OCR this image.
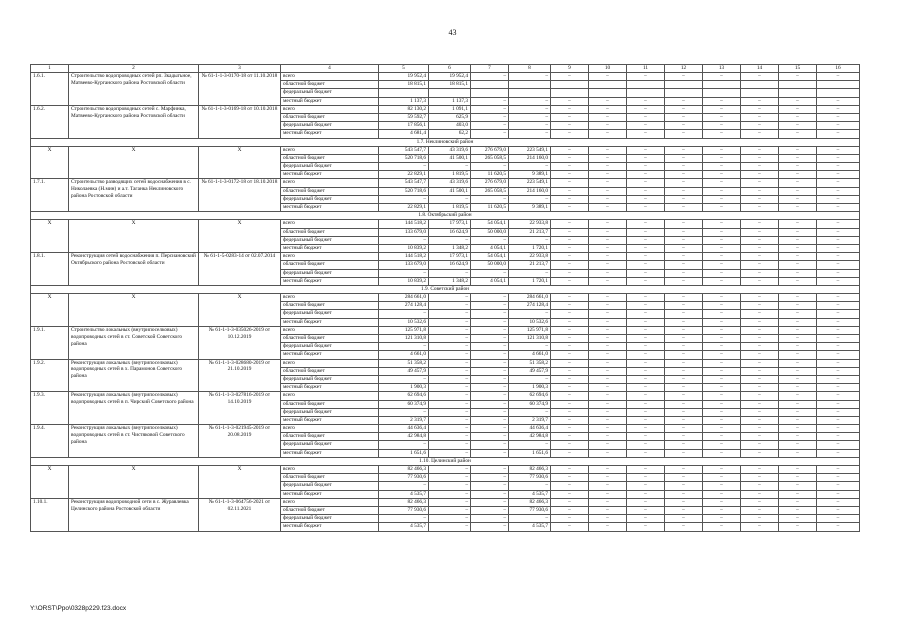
43
1	2	3	4	5	6	7	8	9	10	11	12	13	14	15	16
1.6.1.	Строительство водопроводных сетей рп. Зкадыгьное, Матвеево-Курганского района Ростовской области	№ 61-1-1-3-0170-18 от 11.10.2018	всего	19 952,4	19 952,4	–	–	–	–	–	–	–	–	–	–
			областной бюджет	18 815,1	18 815,1										
			федеральный бюджет												
			местный бюджет	1 137,3	1 137,3	–	–	–	–	–	–	–	–	–	–
1.6.2.	Строительство водопроводных сетей с. Марфинка, Матвеево-Курганского района Ростовской области	№ 61-1-1-3-0169-18 от 10.10.2018	всего	82 130,2	1 091,1	–	–	–	–	–	–	–	–	–	–
			областной бюджет	59 592,7	625,9	–	–	–	–	–	–	–	–	–	–
			федеральный бюджет	17 856,1	403,0	–	–	–	–	–	–	–	–	–	–
			местный бюджет	4 681,4	62,2	–	–	–	–	–	–	–	–	–	–
1.7. Неклиновский район															
Х	Х	Х	всего	543 547,7	43 319,6	276 679,0	223 549,1	–	–	–	–	–	–	–	–
			областной бюджет	520 718,6	41 500,1	265 058,5	214 160,0	–	–	–	–	–	–	–	–
			федеральный бюджет	–	–	–	–	–	–	–	–	–	–	–	–
			местный бюджет	22 829,1	1 819,5	11 620,5	9 389,1	–	–	–	–	–	–	–	–
1.7.1.	Строительство разводящих сетей водоснабжения в с. Николаевка (Н.мин) и а.т. Таганка Неклиновского района Ростовской области	№ 61-1-1-3-0172-18 от 18.10.2018	всего	543 547,7	43 319,6	276 679,0	223 549,1	–	–	–	–	–	–	–	–
			областной бюджет	520 718,6	41 500,1	265 058,5	214 160,0	–	–	–	–	–	–	–	–
			федеральный бюджет	–	–	–	–	–	–	–	–	–	–	–	–
			местный бюджет	22 829,1	1 819,5	11 620,5	9 389,1	–	–	–	–	–	–	–	–
1.8. Октябрьский район															
Х	Х	Х	всего	144 518,2	17 973,1	54 054,1	22 933,8	–	–	–	–	–	–	–	–
			областной бюджет	133 679,0	16 624,9	50 000,0	21 213,7	–	–	–	–	–	–	–	–
			федеральный бюджет	–	–	–	–	–	–	–	–	–	–	–	–
			местный бюджет	10 839,2	1 348,2	4 054,1	1 720,1	–	–	–	–	–	–	–	–
1.8.1.	Реконструкция сетей водоснабжения п. Персиановский Октябрьского района Ростовской области	№ 61-1-5-0283-14 от 02.07.2014	всего	144 518,2	17 973,1	54 054,1	22 933,8	–	–	–	–	–	–	–	–
			областной бюджет	133 679,0	16 624,9	50 000,0	21 213,7	–	–	–	–	–	–	–	–
			федеральный бюджет	–	–	–	–	–	–	–	–	–	–	–	–
			местный бюджет	10 839,2	1 348,2	4 054,1	1 720,1	–	–	–	–	–	–	–	–
1.9. Советский район															
Х	Х	Х	всего	284 661,0	–	–	284 661,0	–	–	–	–	–	–	–	–
			областной бюджет	274 128,4	–	–	274 128,4	–	–	–	–	–	–	–	–
			федеральный бюджет	–	–	–	–	–	–	–	–	–	–	–	–
			местный бюджет	10 532,6	–	–	10 532,6	–	–	–	–	–	–	–	–
1.9.1.	Строительство локальных (внутрипоселковых) водопроводных сетей в ст. Советской Советского района	№ 61-1-1-3-035026-2019 от 10.12.2019	всего	125 971,8	–	–	125 971,8	–	–	–	–	–	–	–	–
			областной бюджет	121 310,8	–	–	121 310,8	–	–	–	–	–	–	–	–
			федеральный бюджет	–	–	–	–	–	–	–	–	–	–	–	–
			местный бюджет	4 661,0	–	–	4 661,0	–	–	–	–	–	–	–	–
1.9.2.	Реконструкция локальных (внутрипоселковых) водопроводных сетей в х. Парамонов Советского района	№ 61-1-1-3-028680-2019 от 21.10.2019	всего	51 358,2	–	–	51 358,2	–	–	–	–	–	–	–	–
			областной бюджет	49 457,9	–	–	49 457,9	–	–	–	–	–	–	–	–
			федеральный бюджет	–	–	–	–	–	–	–	–	–	–	–	–
			местный бюджет	1 900,3	–	–	1 900,3	–	–	–	–	–	–	–	–
1.9.3.	Реконструкция локальных (внутрипоселковых) водопроводных сетей в п. Чирский Советского района	№ 61-1-1-3-027816-2019 от 14.10.2019	всего	62 694,6	–	–	62 694,6	–	–	–	–	–	–	–	–
			областной бюджет	60 374,9	–	–	60 374,9	–	–	–	–	–	–	–	–
			федеральный бюджет	–	–	–	–	–	–	–	–	–	–	–	–
			местный бюджет	2 319,7	–	–	2 319,7	–	–	–	–	–	–	–	–
1.9.4.	Реконструкция локальных (внутрипоселковых) водопроводных сетей в ст. Чистяковой Советского района	№ 61-1-1-3-021945-2019 от 20.08.2019	всего	44 636,4	–	–	44 636,4	–	–	–	–	–	–	–	–
			областной бюджет	42 984,8	–	–	42 984,8	–	–	–	–	–	–	–	–
			федеральный бюджет	–	–	–	–	–	–	–	–	–	–	–	–
			местный бюджет	1 651,6	–	–	1 651,6	–	–	–	–	–	–	–	–
1.10. Целинский район															
Х	Х	Х	всего	82 466,3	–	–	82 466,3	–	–	–	–	–	–	–	–
			областной бюджет	77 930,6	–	–	77 930,6	–	–	–	–	–	–	–	–
			федеральный бюджет	–	–	–	–	–	–	–	–	–	–	–	–
			местный бюджет	4 535,7	–	–	4 535,7	–	–	–	–	–	–	–	–
1.10.1.	Реконструкция водопроводной сети в с. Журавлевка Целинского района Ростовской области	№ 61-1-1-3-064756-2021 от 02.11.2021	всего	82 466,3	–	–	82 466,3	–	–	–	–	–	–	–	–
			областной бюджет	77 930,6	–	–	77 930,6	–	–	–	–	–	–	–	–
			федеральный бюджет	–	–	–	–	–	–	–	–	–	–	–	–
			местный бюджет	4 535,7	–	–	4 535,7	–	–	–	–	–	–	–	–
Y:\ORST\Ppo\0328p229.f23.docx
